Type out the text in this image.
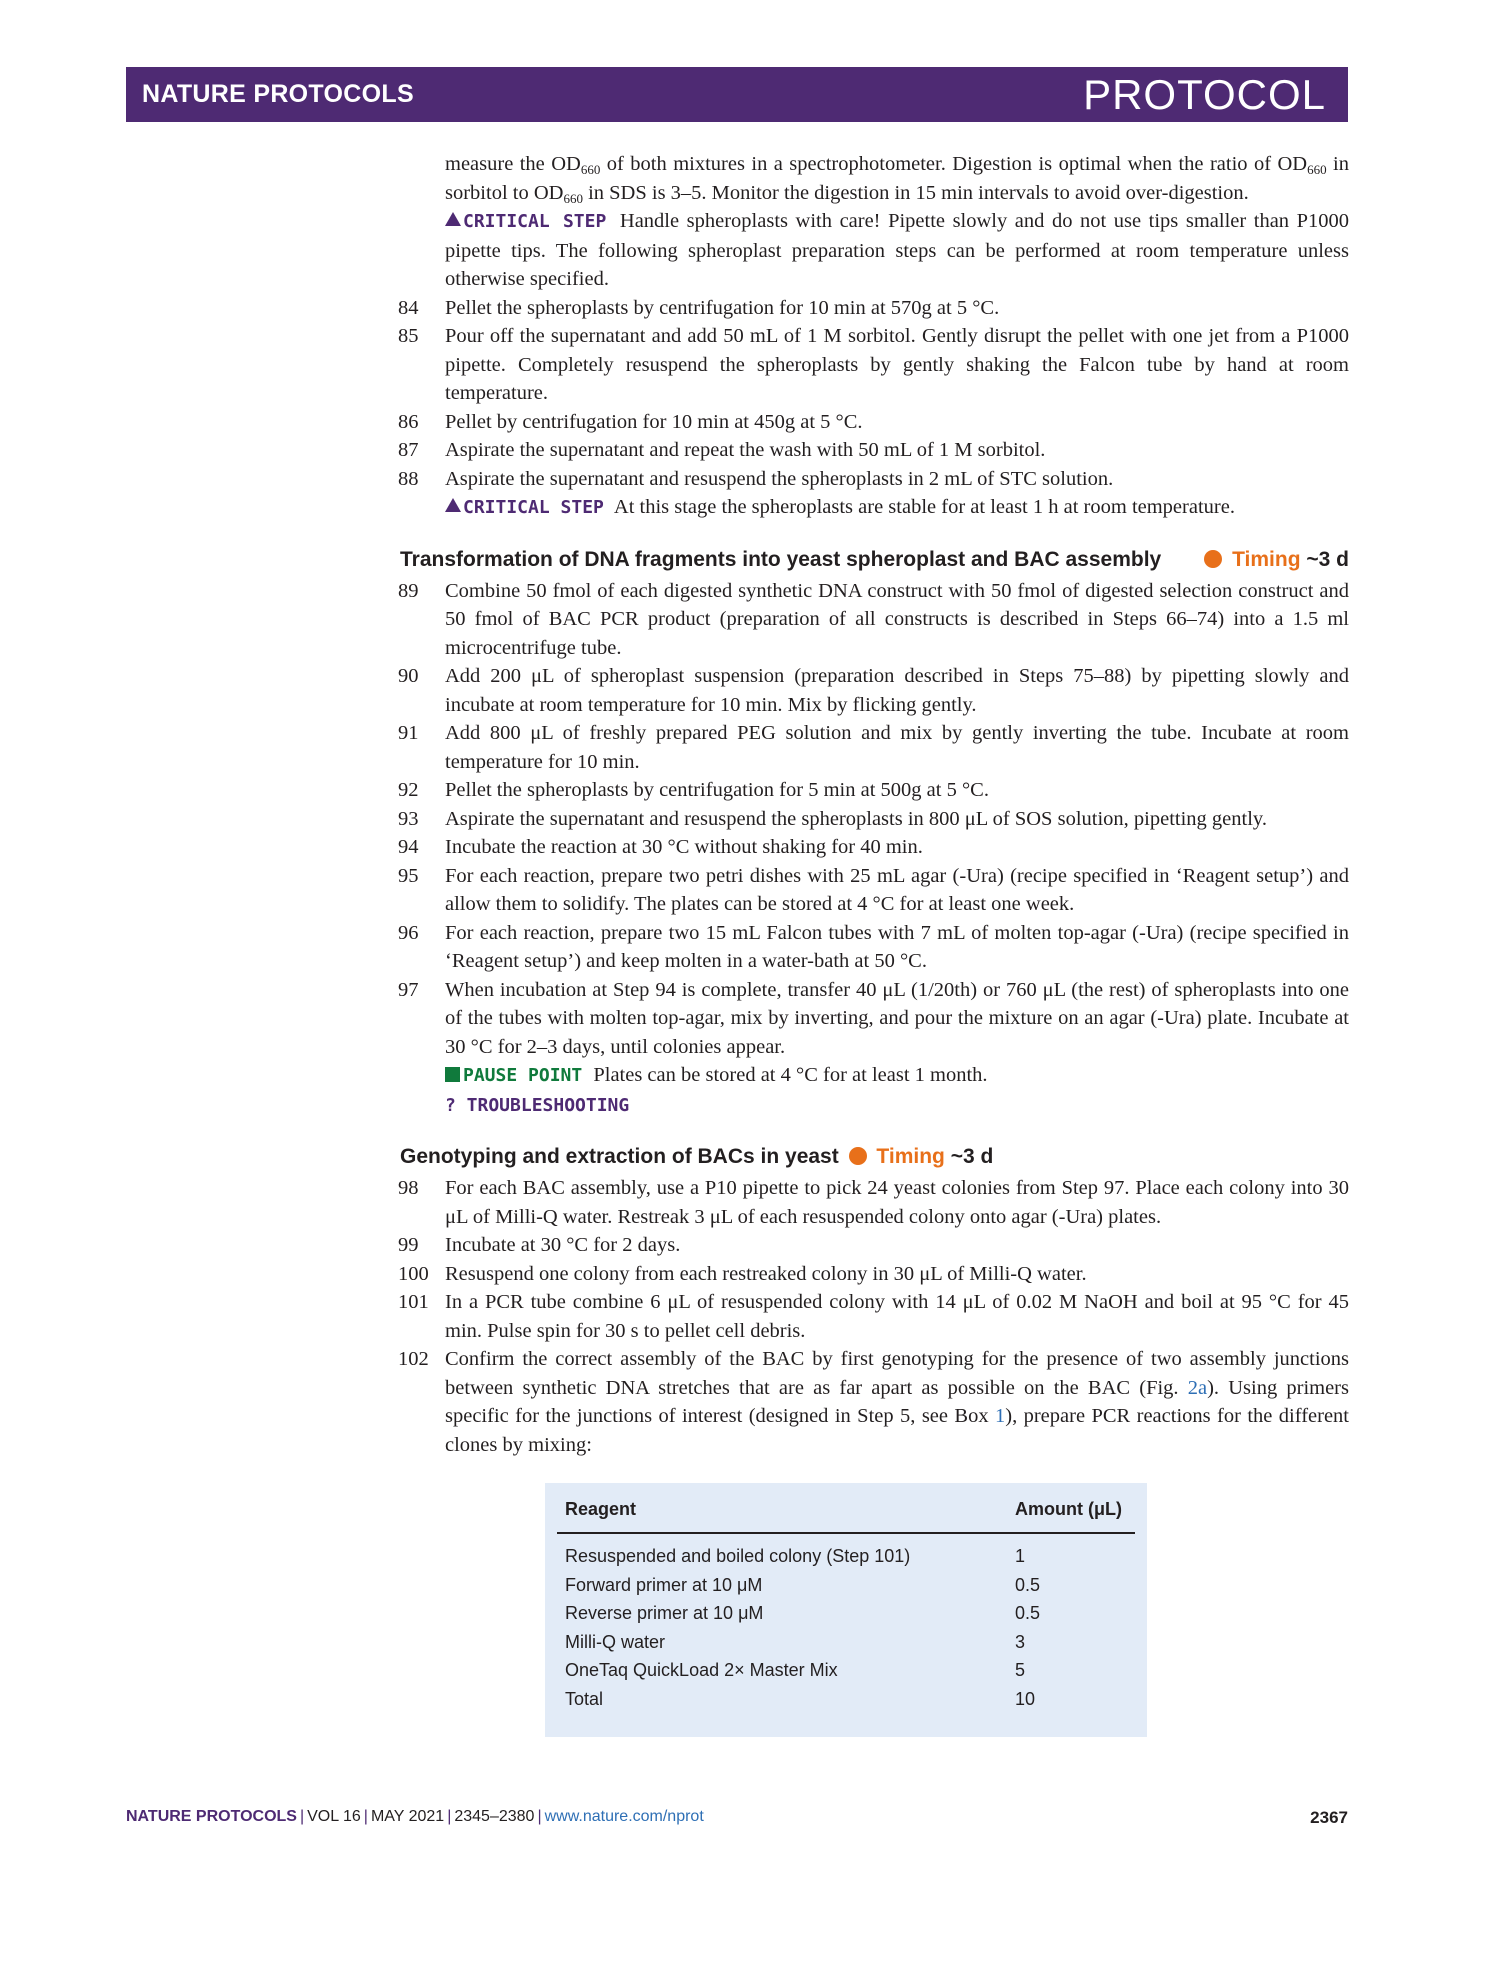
NATURE PROTOCOLS	PROTOCOL

measure the $OD_{660}$ of both mixtures in a spectrophotometer. Digestion is optimal when the ratio of $OD_{660}$ in sorbitol to $OD_{660}$ in SDS is 3–5. Monitor the digestion in 15 min intervals to avoid over-digestion.

CRITICAL STEP Handle spheroplasts with care! Pipette slowly and do not use tips smaller than P1000 pipette tips. The following spheroplast preparation steps can be performed at room temperature unless otherwise specified.

84	Pellet the spheroplasts by centrifugation for 10 min at 570g at 5 °C.
85	Pour off the supernatant and add 50 mL of 1 M sorbitol. Gently disrupt the pellet with one jet from a P1000 pipette. Completely resuspend the spheroplasts by gently shaking the Falcon tube by hand at room temperature.
86	Pellet by centrifugation for 10 min at 450g at 5 °C.
87	Aspirate the supernatant and repeat the wash with 50 mL of 1 M sorbitol.
88	Aspirate the supernatant and resuspend the spheroplasts in 2 mL of STC solution.

CRITICAL STEP At this stage the spheroplasts are stable for at least 1 h at room temperature.

Transformation of DNA fragments into yeast spheroplast and BAC assembly	Timing ~3 d
89	Combine 50 fmol of each digested synthetic DNA construct with 50 fmol of digested selection construct and 50 fmol of BAC PCR product (preparation of all constructs is described in Steps 66–74) into a 1.5 ml microcentrifuge tube.
90	Add 200 μL of spheroplast suspension (preparation described in Steps 75–88) by pipetting slowly and incubate at room temperature for 10 min. Mix by flicking gently.
91	Add 800 μL of freshly prepared PEG solution and mix by gently inverting the tube. Incubate at room temperature for 10 min.
92	Pellet the spheroplasts by centrifugation for 5 min at 500g at 5 °C.
93	Aspirate the supernatant and resuspend the spheroplasts in 800 μL of SOS solution, pipetting gently.
94	Incubate the reaction at 30 °C without shaking for 40 min.
95	For each reaction, prepare two petri dishes with 25 mL agar (-Ura) (recipe specified in ‘Reagent setup’) and allow them to solidify. The plates can be stored at 4 °C for at least one week.
96	For each reaction, prepare two 15 mL Falcon tubes with 7 mL of molten top-agar (-Ura) (recipe specified in ‘Reagent setup’) and keep molten in a water-bath at 50 °C.
97	When incubation at Step 94 is complete, transfer 40 μL (1/20th) or 760 μL (the rest) of spheroplasts into one of the tubes with molten top-agar, mix by inverting, and pour the mixture on an agar (-Ura) plate. Incubate at 30 °C for 2–3 days, until colonies appear.

PAUSE POINT Plates can be stored at 4 °C for at least 1 month.

? TROUBLESHOOTING

Genotyping and extraction of BACs in yeast Timing ~3 d
98	For each BAC assembly, use a P10 pipette to pick 24 yeast colonies from Step 97. Place each colony into 30 μL of Milli-Q water. Restreak 3 μL of each resuspended colony onto agar (-Ura) plates.
99	Incubate at 30 °C for 2 days.
100 Resuspend one colony from each restreaked colony in 30 μL of Milli-Q water.
101 In a PCR tube combine 6 μL of resuspended colony with 14 μL of 0.02 M NaOH and boil at 95 °C for 45 min. Pulse spin for 30 s to pellet cell debris.
102 Confirm the correct assembly of the BAC by first genotyping for the presence of two assembly junctions between synthetic DNA stretches that are as far apart as possible on the BAC (Fig. 2a). Using primers specific for the junctions of interest (designed in Step 5, see Box 1), prepare PCR reactions for the different clones by mixing:
Reagent	Amount (μL)
Resuspended and boiled colony (Step 101)	1
Forward primer at 10 μM	0.5
Reverse primer at 10 μM	0.5
Milli-Q water	3
OneTaq QuickLoad 2× Master Mix	5
Total	10
NATURE PROTOCOLS | VOL 16 | MAY 2021 | 2345–2380 | www.nature.com/nprot	2367
